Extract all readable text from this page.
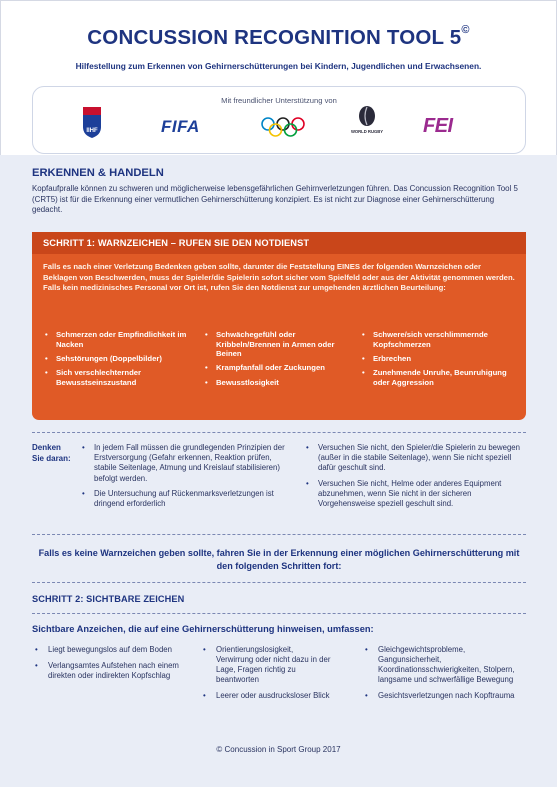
CONCUSSION RECOGNITION TOOL 5©
Hilfestellung zum Erkennen von Gehirnerschütterungen bei Kindern, Jugendlichen und Erwachsenen.
Mit freundlicher Unterstützung von
IIHF	FIFA	WORLD RUGBY FEI
ERKENNEN & HANDELN
Kopfaufpralle können zu schweren und möglicherweise lebensgefährlichen Gehirnverletzungen führen. Das Concussion Recognition Tool 5 (CRT5) ist für die Erkennung einer vermutlichen Gehirnerschütterung konzipiert. Es ist nicht zur Diagnose einer Gehirnerschütterung gedacht.
SCHRITT 1: WARNZEICHEN – RUFEN SIE DEN NOTDIENST
Falls es nach einer Verletzung Bedenken geben sollte, darunter die Feststellung EINES der folgenden Warnzeichen oder Beklagen von Beschwerden, muss der Spieler/die Spielerin sofort sicher vom Spielfeld oder aus der Aktivität genommen werden. Falls kein medizinisches Personal vor Ort ist, rufen Sie den Notdienst zur umgehenden ärztlichen Beurteilung:
• Schmerzen oder Empfindlichkeit im Nacken
• Sehstörungen (Doppelbilder)
• Sich verschlechternder Bewusstseinszustand
• Schwächegefühl oder Kribbeln/Brennen in Armen oder Beinen
• Krampfanfall oder Zuckungen
• Bewusstlosigkeit
• Schwere/sich verschlimmernde Kopfschmerzen
• Erbrechen
• Zunehmende Unruhe, Beunruhigung oder Aggression
Denken Sie daran:
• In jedem Fall müssen die grundlegenden Prinzipien der Erstversorgung (Gefahr erkennen, Reaktion prüfen, stabile Seitenlage, Atmung und Kreislauf stabilisieren) befolgt werden.
• Die Untersuchung auf Rückenmarksverletzungen ist dringend erforderlich
• Versuchen Sie nicht, den Spieler/die Spielerin zu bewegen (außer in die stabile Seitenlage), wenn Sie nicht speziell dafür geschult sind.
• Versuchen Sie nicht, Helme oder anderes Equipment abzunehmen, wenn Sie nicht in der sicheren Vorgehensweise speziell geschult sind.
Falls es keine Warnzeichen geben sollte, fahren Sie in der Erkennung einer möglichen Gehirnerschütterung mit den folgenden Schritten fort:
SCHRITT 2: SICHTBARE ZEICHEN
Sichtbare Anzeichen, die auf eine Gehirnerschütterung hinweisen, umfassen:
• Liegt bewegungslos auf dem Boden
• Verlangsamtes Aufstehen nach einem direkten oder indirekten Kopfschlag
• Orientierungslosigkeit, Verwirrung oder nicht dazu in der Lage, Fragen richtig zu beantworten
• Leerer oder ausdrucksloser Blick
• Gleichgewichtsprobleme, Gangunsicherheit, Koordinationsschwierigkeiten, Stolpern, langsame und schwerfällige Bewegung
• Gesichtsverletzungen nach Kopftrauma
© Concussion in Sport Group 2017
